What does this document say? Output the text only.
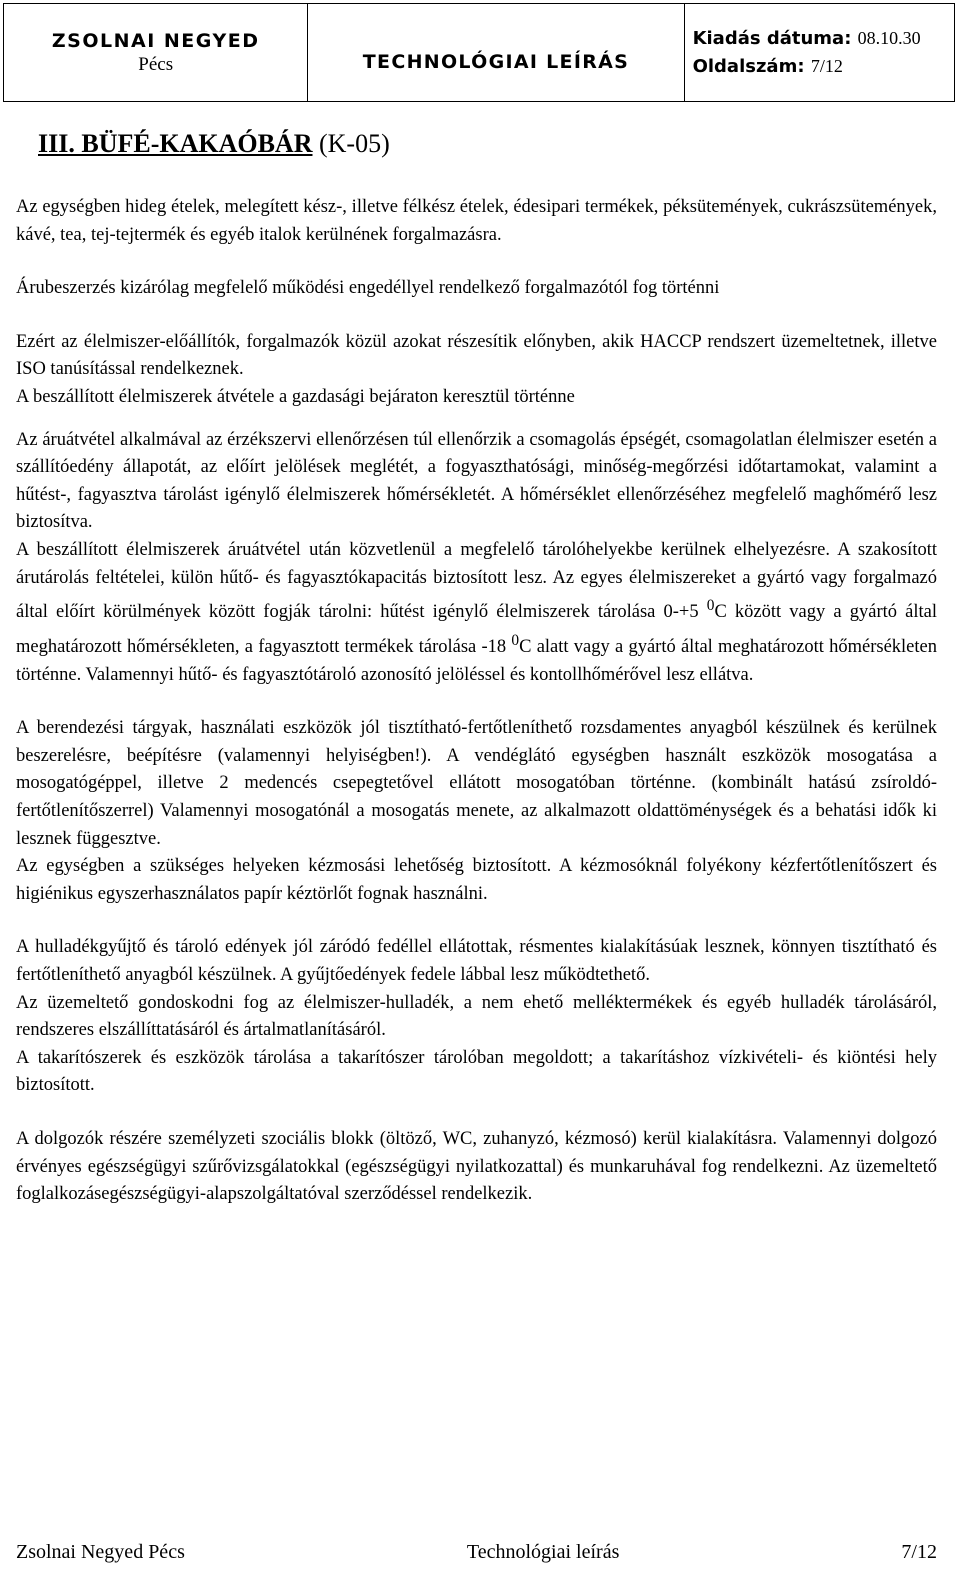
ZSOLNAI NEGYED
Pécs	TECHNOLÓGIAI LEÍRÁS
Kiadás dátuma: 08.10.30
Oldalszám: 7/12
III. BÜFÉ-KAKAÓBÁR (K-05)

Az egységben hideg ételek, melegített kész-, illetve félkész ételek, édesipari termékek, péksütemények, cukrászsütemények, kávé, tea, tej-tejtermék és egyéb italok kerülnének forgalmazásra.

Árubeszerzés kizárólag megfelelő működési engedéllyel rendelkező forgalmazótól fog történni

Ezért az élelmiszer-előállítók, forgalmazók közül azokat részesítik előnyben, akik HACCP rendszert üzemeltetnek, illetve ISO tanúsítással rendelkeznek.

A beszállított élelmiszerek átvétele a gazdasági bejáraton keresztül történne

Az áruátvétel alkalmával az érzékszervi ellenőrzésen túl ellenőrzik a csomagolás épségét, csomagolatlan élelmiszer esetén a szállítóedény állapotát, az előírt jelölések meglétét, a fogyaszthatósági, minőség-megőrzési időtartamokat, valamint a hűtést-, fagyasztva tárolást igénylő élelmiszerek hőmérsékletét. A hőmérséklet ellenőrzéséhez megfelelő maghőmérő lesz biztosítva.

A beszállított élelmiszerek áruátvétel után közvetlenül a megfelelő tárolóhelyekbe kerülnek elhelyezésre. A szakosított árutárolás feltételei, külön hűtő- és fagyasztókapacitás biztosított lesz. Az egyes élelmiszereket a gyártó vagy forgalmazó által előírt körülmények között fogják tárolni: hűtést igénylő élelmiszerek tárolása 0-+5 $^0$C között vagy a gyártó által meghatározott hőmérsékleten, a fagyasztott termékek tárolása -18 $^0$C alatt vagy a gyártó által meghatározott hőmérsékleten történne. Valamennyi hűtő- és fagyasztótároló azonosító jelöléssel és kontollhőmérővel lesz ellátva.

A berendezési tárgyak, használati eszközök jól tisztítható-fertőtleníthető rozsdamentes anyagból készülnek és kerülnek beszerelésre, beépítésre (valamennyi helyiségben!). A vendéglátó egységben használt eszközök mosogatása a mosogatógéppel, illetve 2 medencés csepegtetővel ellátott mosogatóban történne. (kombinált hatású zsíroldó-fertőtlenítőszerrel) Valamennyi mosogatónál a mosogatás menete, az alkalmazott oldattöménységek és a behatási idők ki lesznek függesztve.

Az egységben a szükséges helyeken kézmosási lehetőség biztosított. A kézmosóknál folyékony kézfertőtlenítőszert és higiénikus egyszerhasználatos papír kéztörlőt fognak használni.

A hulladékgyűjtő és tároló edények jól záródó fedéllel ellátottak, résmentes kialakításúak lesznek, könnyen tisztítható és fertőtleníthető anyagból készülnek. A gyűjtőedények fedele lábbal lesz működtethető.

Az üzemeltető gondoskodni fog az élelmiszer-hulladék, a nem ehető melléktermékek és egyéb hulladék tárolásáról, rendszeres elszállíttatásáról és ártalmatlanításáról.

A takarítószerek és eszközök tárolása a takarítószer tárolóban megoldott; a takarításhoz vízkivételi- és kiöntési hely biztosított.

A dolgozók részére személyzeti szociális blokk (öltöző, WC, zuhanyzó, kézmosó) kerül kialakításra. Valamennyi dolgozó érvényes egészségügyi szűrővizsgálatokkal (egészségügyi nyilatkozattal) és munkaruhával fog rendelkezni. Az üzemeltető foglalkozásegészségügyi-alapszolgáltatóval szerződéssel rendelkezik.

Zsolnai Negyed Pécs	Technológiai leírás	7/12
